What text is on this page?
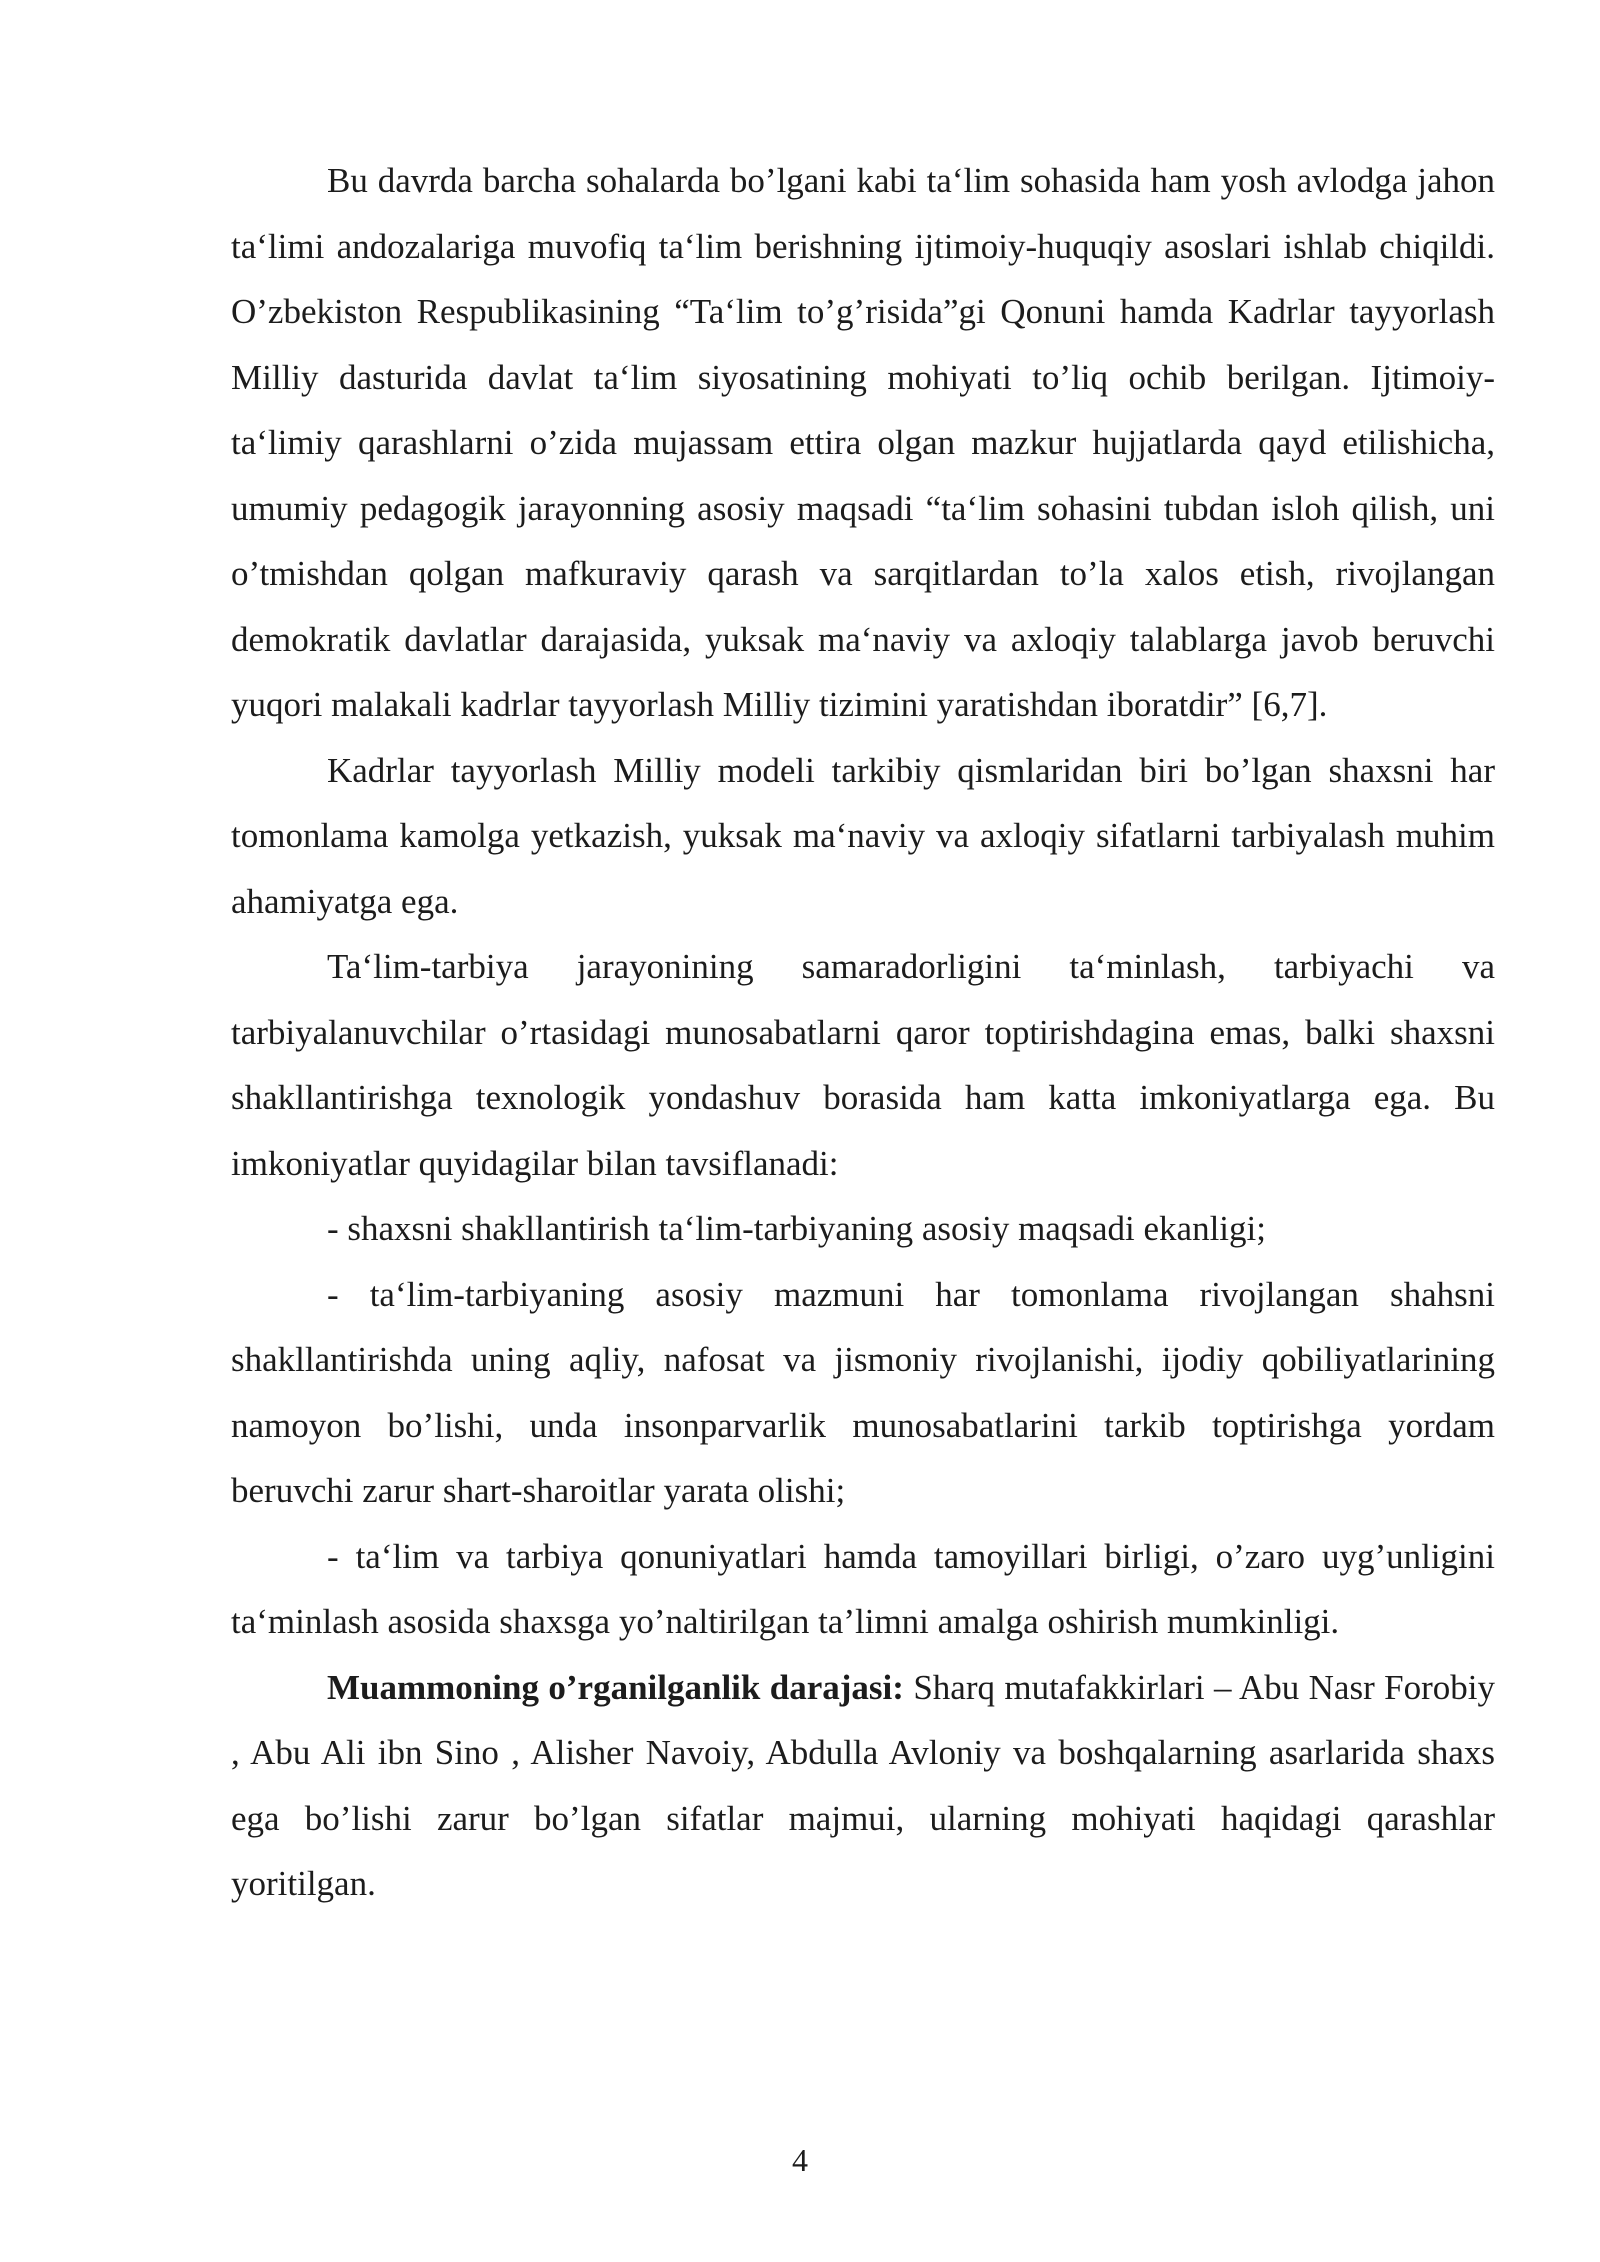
Bu davrda barcha sohalarda bo’lgani kabi ta‘lim sohasida ham yosh avlodga jahon ta‘limi andozalariga muvofiq ta‘lim berishning ijtimoiy-huquqiy asoslari ishlab chiqildi. O’zbekiston Respublikasining “Ta‘lim to’g’risida”gi Qonuni hamda Kadrlar tayyorlash Milliy dasturida davlat ta‘lim siyosatining mohiyati to’liq ochib berilgan. Ijtimoiy-ta‘limiy qarashlarni o’zida mujassam ettira olgan mazkur hujjatlarda qayd etilishicha, umumiy pedagogik jarayonning asosiy maqsadi “ta‘lim sohasini tubdan isloh qilish, uni o’tmishdan qolgan mafkuraviy qarash va sarqitlardan to’la xalos etish, rivojlangan demokratik davlatlar darajasida, yuksak ma‘naviy va axloqiy talablarga javob beruvchi yuqori malakali kadrlar tayyorlash Milliy tizimini yaratishdan iboratdir” [6,7].

Kadrlar tayyorlash Milliy modeli tarkibiy qismlaridan biri bo’lgan shaxsni har tomonlama kamolga yetkazish, yuksak ma‘naviy va axloqiy sifatlarni tarbiyalash muhim ahamiyatga ega.

Ta‘lim-tarbiya jarayonining samaradorligini ta‘minlash, tarbiyachi va tarbiyalanuvchilar o’rtasidagi munosabatlarni qaror toptirishdagina emas, balki shaxsni shakllantirishga texnologik yondashuv borasida ham katta imkoniyatlarga ega. Bu imkoniyatlar quyidagilar bilan tavsiflanadi:

- shaxsni shakllantirish ta‘lim-tarbiyaning asosiy maqsadi ekanligi;

- ta‘lim-tarbiyaning asosiy mazmuni har tomonlama rivojlangan shahsni shakllantirishda uning aqliy, nafosat va jismoniy rivojlanishi, ijodiy qobiliyatlarining namoyon bo’lishi, unda insonparvarlik munosabatlarini tarkib toptirishga yordam beruvchi zarur shart-sharoitlar yarata olishi;

- ta‘lim va tarbiya qonuniyatlari hamda tamoyillari birligi, o’zaro uyg’unligini ta‘minlash asosida shaxsga yo’naltirilgan ta’limni amalga oshirish mumkinligi.

Muammoning o’rganilganlik darajasi: Sharq mutafakkirlari – Abu Nasr Forobiy , Abu Ali ibn Sino , Alisher Navoiy, Abdulla Avloniy va boshqalarning asarlarida shaxs ega bo’lishi zarur bo’lgan sifatlar majmui, ularning mohiyati haqidagi qarashlar yoritilgan.

4
